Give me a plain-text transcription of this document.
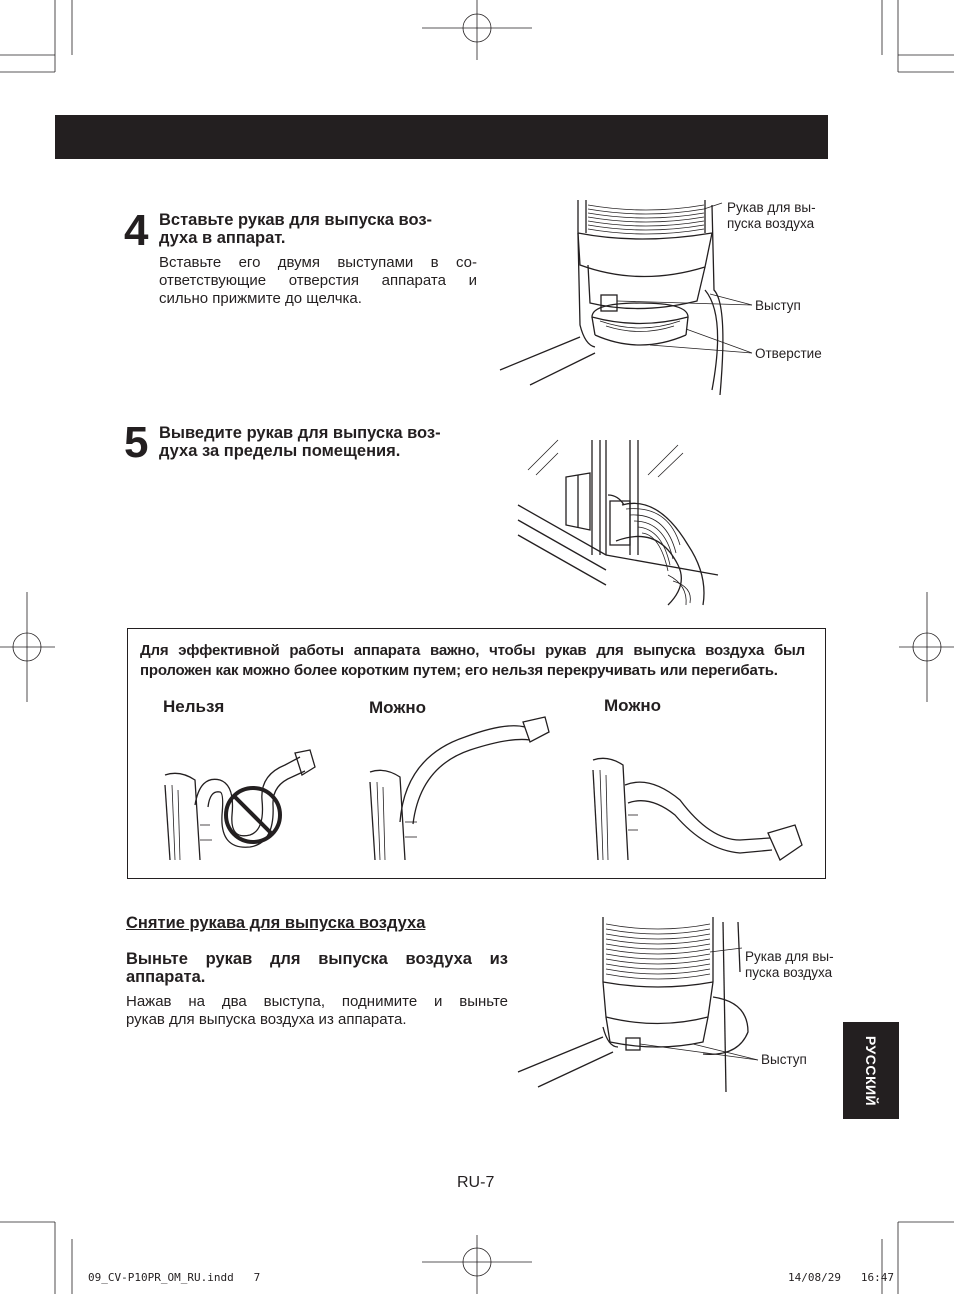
4 Вставьте рукав для выпуска воз-
духа в аппарат.
Вставьте его двумя выступами в со-
ответствующие отверстия аппарата и
сильно прижмите до щелчка.
Рукав для вы-
пуска воздуха
Выступ
Отверстие
5 Выведите рукав для выпуска воз-
духа за пределы помещения.
Для эффективной работы аппарата важно, чтобы рукав для выпуска воздуха был
проложен как можно более коротким путем; его нельзя перекручивать или перегибать.
Нельзя	Можно	Можно
Снятие рукава для выпуска воздуха
Выньте рукав для выпуска воздуха из
аппарата.
Нажав на два выступа, поднимите и выньте
рукав для выпуска воздуха из аппарата.
Рукав для вы-
пуска воздуха
Выступ	РУССКИЙ
RU-7
09_CV-P10PR_OM_RU.indd   7	14/08/29   16:47
